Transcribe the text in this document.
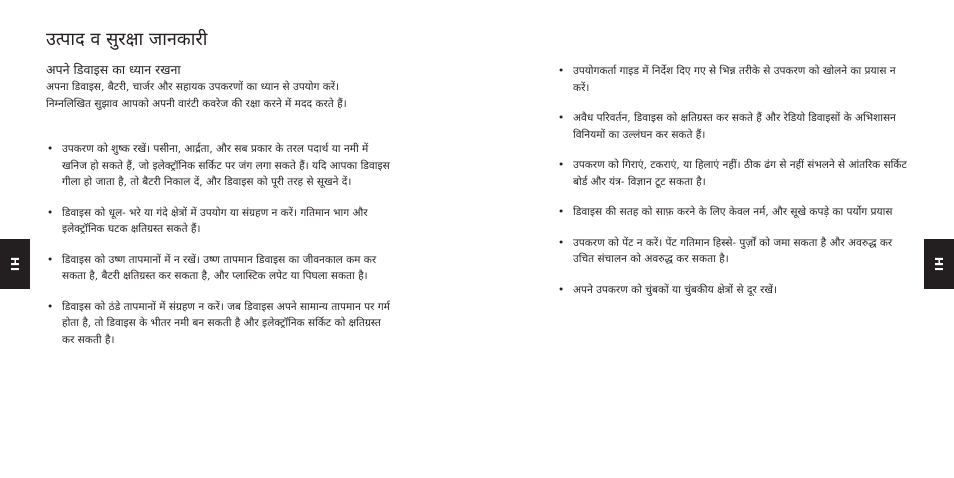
उत्पाद व सुरक्षा जानकारी
अपने डिवाइस का ध्यान रखना

अपना डिवाइस, बैटरी, चार्जर और सहायक उपकरणों का ध्यान से उपयोग करें। निम्नलिखित सुझाव आपको अपनी वारंटी कवरेज की रक्षा करने में मदद करते हैं।

• उपकरण को शुष्क रखें। पसीना, आर्द्रता, और सब प्रकार के तरल पदार्थ या नमी में खनिज हो सकते हैं, जो इलेक्ट्रॉनिक सर्किट पर जंग लगा सकते हैं। यदि आपका डिवाइस गीला हो जाता है, तो बैटरी निकाल दें, और डिवाइस को पूरी तरह से सूखने दें।
• डिवाइस को धूल- भरे या गंदे क्षेत्रों में उपयोग या संग्रहण न करें। गतिमान भाग और इलेक्ट्रॉनिक घटक क्षतिग्रस्त सकते हैं।
• डिवाइस को उष्ण तापमानों में न रखें। उष्ण तापमान डिवाइस का जीवनकाल कम कर सकता है, बैटरी क्षतिग्रस्त कर सकता है, और प्लास्टिक लपेट या पिघला सकता है।
• डिवाइस को ठंडे तापमानों में संग्रहण न करें। जब डिवाइस अपने सामान्य तापमान पर गर्म होता है, तो डिवाइस के भीतर नमी बन सकती है और इलेक्ट्रॉनिक सर्किट को क्षतिग्रस्त कर सकती है।
• उपयोगकर्ता गाइड में निर्देश दिए गए से भिन्न तरीके से उपकरण को खोलने का प्रयास न करें।
• अवैध परिवर्तन, डिवाइस को क्षतिग्रस्त कर सकते हैं और रेडियो डिवाइसों के अभिशासन विनियमों का उल्लंघन कर सकते हैं।
• उपकरण को गिराएं, टकराएं, या हिलाएं नहीं। ठीक ढंग से नहीं संभलने से आंतरिक सर्किट बोर्ड और यंत्र- विज्ञान टूट सकता है।
• डिवाइस की सतह को साफ़ करने के लिए केवल नर्म, और सूखे कपड़े का पर्योग प्रयास
• उपकरण को पेंट न करें। पेंट गतिमान हिस्से- पुर्ज़ों को जमा सकता है और अवरुद्ध कर उचित संचालन को अवरुद्ध कर सकता है।
• अपने उपकरण को चुंबकों या चुंबकीय क्षेत्रों से दूर रखें।
HI	HI
